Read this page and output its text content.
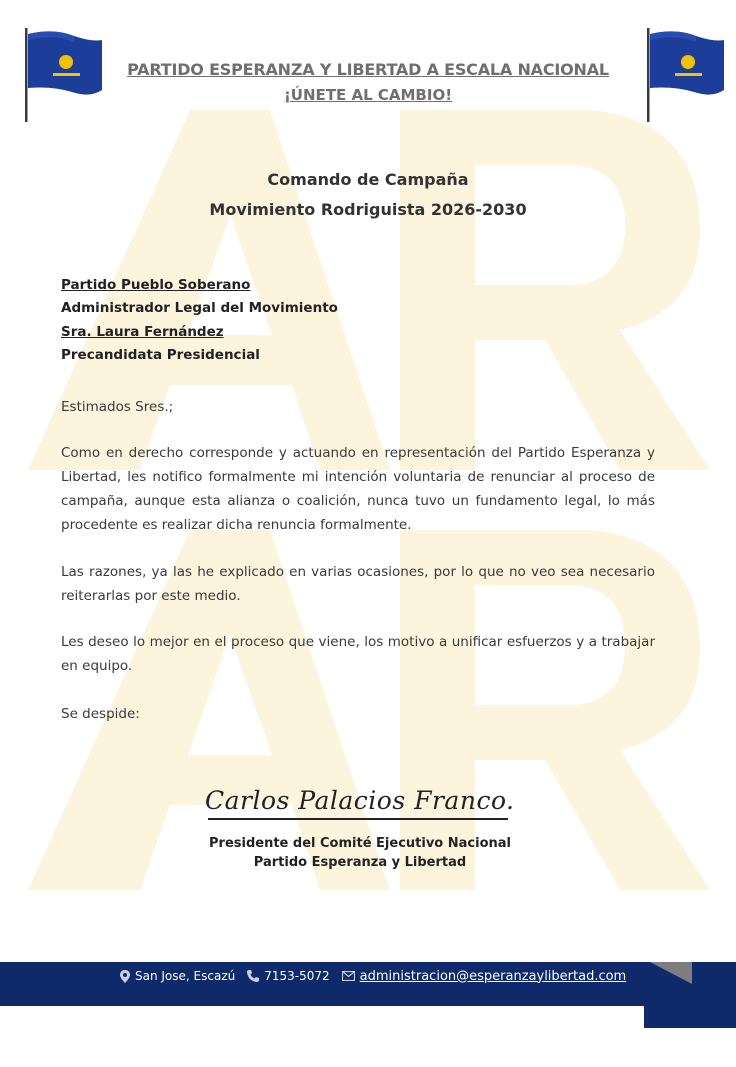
PARTIDO ESPERANZA Y LIBERTAD A ESCALA NACIONAL
¡ÚNETE AL CAMBIO!
Comando de Campaña
Movimiento Rodriguista 2026-2030
Partido Pueblo Soberano
Administrador Legal del Movimiento
Sra. Laura Fernández
Precandidata Presidencial
Estimados Sres.;
Como en derecho corresponde y actuando en representación del Partido Esperanza y Libertad, les notifico formalmente mi intención voluntaria de renunciar al proceso de campaña, aunque esta alianza o coalición, nunca tuvo un fundamento legal, lo más procedente es realizar dicha renuncia formalmente.
Las razones, ya las he explicado en varias ocasiones, por lo que no veo sea necesario reiterarlas por este medio.
Les deseo lo mejor en el proceso que viene, los motivo a unificar esfuerzos y a trabajar en equipo.
Se despide:
Carlos Palacios Franco.
Presidente del Comité Ejecutivo Nacional
Partido Esperanza y Libertad
San Jose, Escazú 7153-5072 administracion@esperanzaylibertad.com
